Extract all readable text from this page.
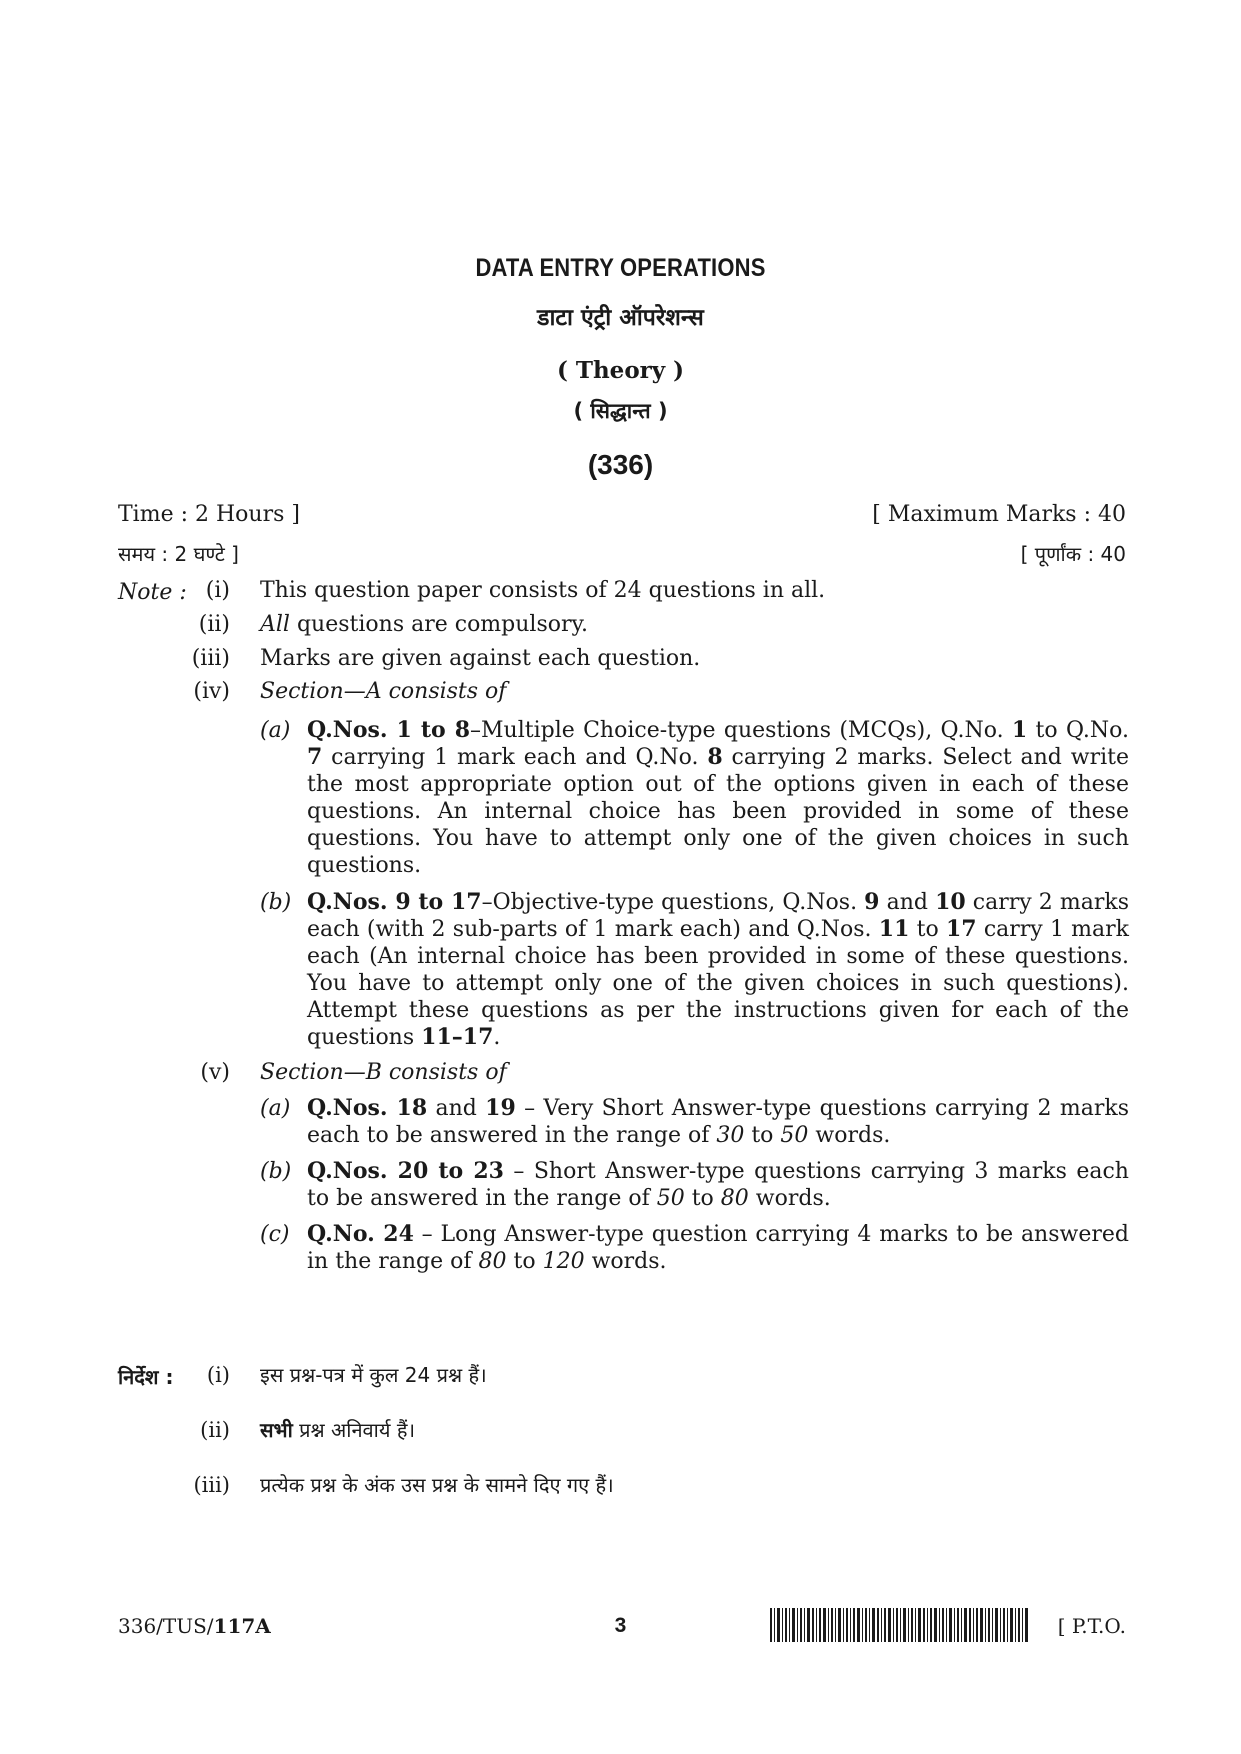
DATA ENTRY OPERATIONS
डाटा एंट्री ऑपरेशन्स
( Theory )
( सिद्धान्त )
(336)
Time : 2 Hours ]	[ Maximum Marks : 40
समय : 2 घण्टे ]	[ पूर्णांक : 40
Note : (i) This question paper consists of 24 questions in all.
(ii) All questions are compulsory.
(iii) Marks are given against each question.
(iv) Section—A consists of
(a) Q.Nos. 1 to 8–Multiple Choice-type questions (MCQs), Q.No. 1 to Q.No. 7 carrying 1 mark each and Q.No. 8 carrying 2 marks. Select and write the most appropriate option out of the options given in each of these questions. An internal choice has been provided in some of these questions. You have to attempt only one of the given choices in such questions.
(b) Q.Nos. 9 to 17–Objective-type questions, Q.Nos. 9 and 10 carry 2 marks each (with 2 sub-parts of 1 mark each) and Q.Nos. 11 to 17 carry 1 mark each (An internal choice has been provided in some of these questions. You have to attempt only one of the given choices in such questions). Attempt these questions as per the instructions given for each of the questions 11–17.
(v) Section—B consists of
(a) Q.Nos. 18 and 19 – Very Short Answer-type questions carrying 2 marks each to be answered in the range of 30 to 50 words.
(b) Q.Nos. 20 to 23 – Short Answer-type questions carrying 3 marks each to be answered in the range of 50 to 80 words.
(c) Q.No. 24 – Long Answer-type question carrying 4 marks to be answered in the range of 80 to 120 words.
निर्देश :	(i) इस प्रश्न-पत्र में कुल 24 प्रश्न हैं।
(ii) सभी प्रश्न अनिवार्य हैं।
(iii) प्रत्येक प्रश्न के अंक उस प्रश्न के सामने दिए गए हैं।
336/TUS/117A	3	[ P.T.O.
